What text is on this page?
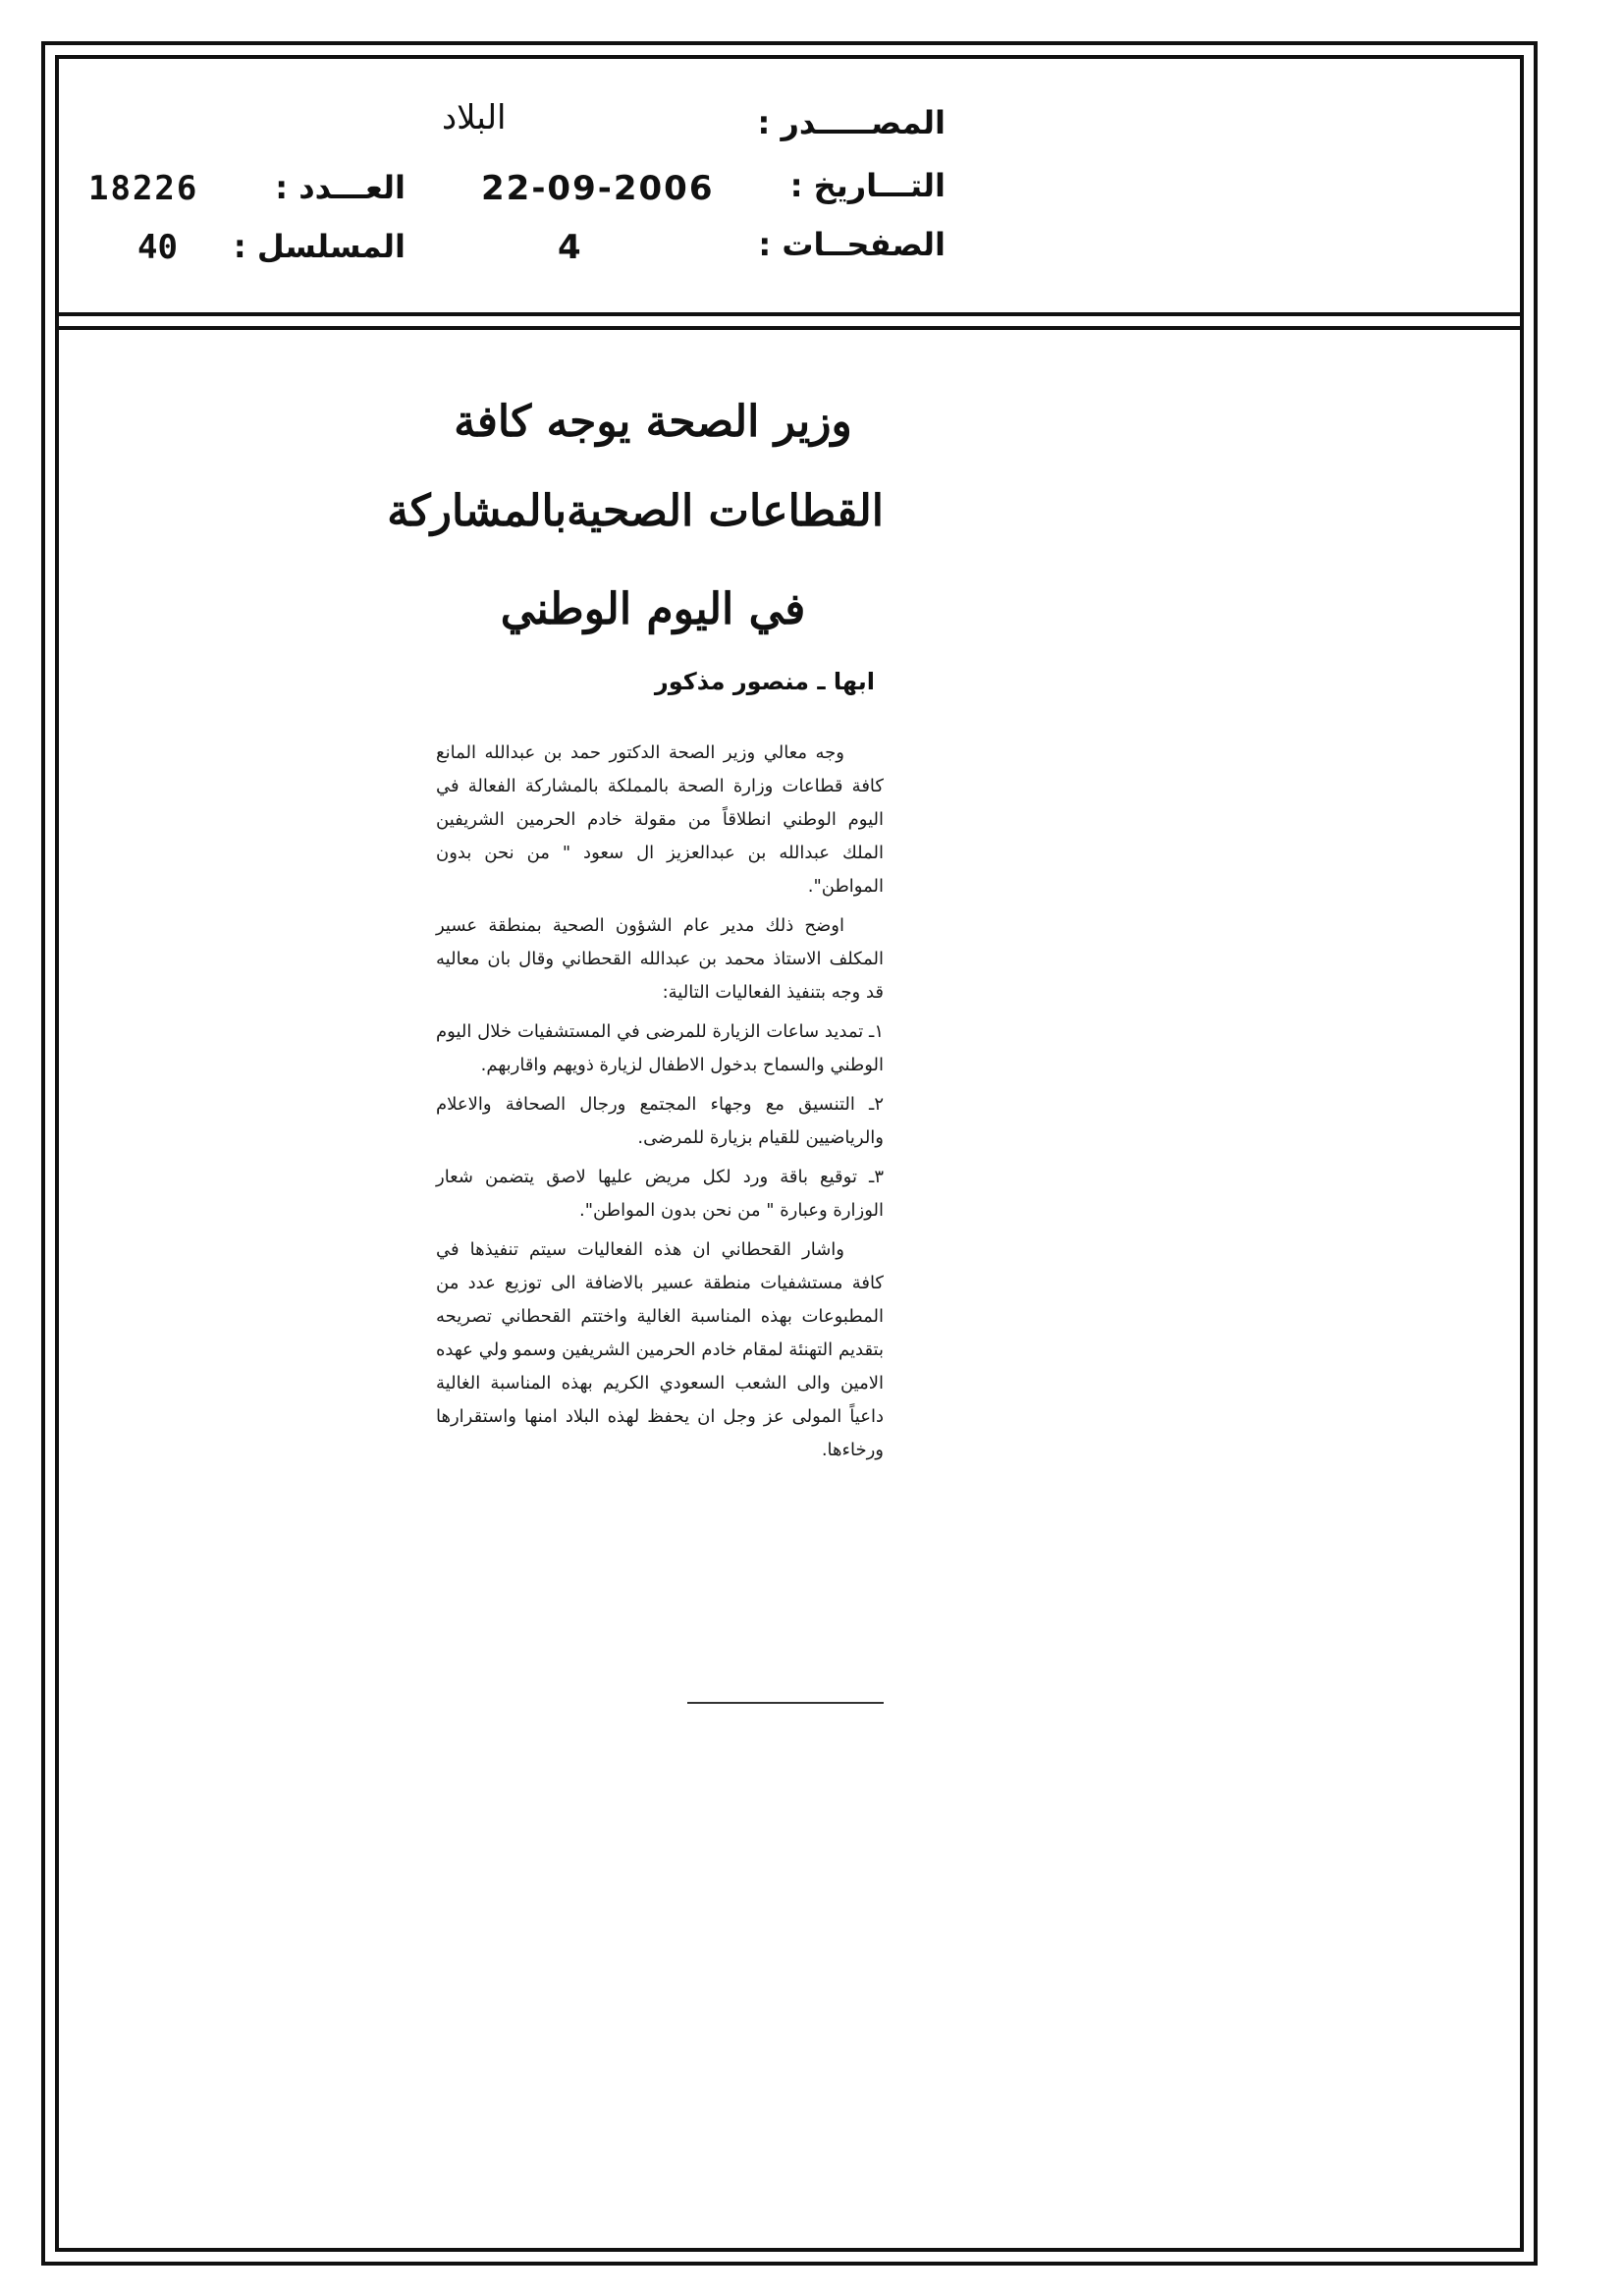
المصـــــدر :
البلاد
التـــاريخ :
22-09-2006
الصفحــات :
4
العـــدد :
18226
المسلسل :
40
وزير الصحة يوجه كافة
القطاعات الصحيةبالمشاركة
في اليوم الوطني
ابها ـ منصور مذكور

وجه معالي وزير الصحة الدكتور حمد بن عبدالله المانع كافة قطاعات وزارة الصحة بالمملكة بالمشاركة الفعالة في اليوم الوطني انطلاقاً من مقولة خادم الحرمين الشريفين الملك عبدالله بن عبدالعزيز ال سعود " من نحن بدون المواطن".

اوضح ذلك مدير عام الشؤون الصحية بمنطقة عسير المكلف الاستاذ محمد بن عبدالله القحطاني وقال بان معاليه قد وجه بتنفيذ الفعاليات التالية:

١ـ تمديد ساعات الزيارة للمرضى في المستشفيات خلال اليوم الوطني والسماح بدخول الاطفال لزيارة ذويهم واقاربهم.

٢ـ التنسيق مع وجهاء المجتمع ورجال الصحافة والاعلام والرياضيين للقيام بزيارة للمرضى.

٣ـ توقيع باقة ورد لكل مريض عليها لاصق يتضمن شعار الوزارة وعبارة " من نحن بدون المواطن".

واشار القحطاني ان هذه الفعاليات سيتم تنفيذها في كافة مستشفيات منطقة عسير بالاضافة الى توزيع عدد من المطبوعات بهذه المناسبة الغالية واختتم القحطاني تصريحه بتقديم التهنئة لمقام خادم الحرمين الشريفين وسمو ولي عهده الامين والى الشعب السعودي الكريم بهذه المناسبة الغالية داعياً المولى عز وجل ان يحفظ لهذه البلاد امنها واستقرارها ورخاءها.
